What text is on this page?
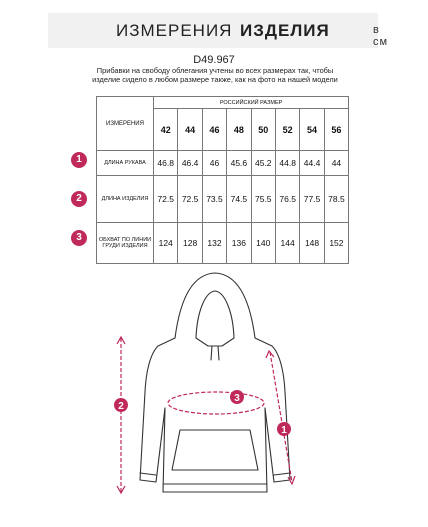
ИЗМЕРЕНИЯ ИЗДЕЛИЯ	в см
D49.967
Прибавки на свободу облегания учтены во всех размерах так, чтобы изделие сидело в любом размере также, как на фото на нашей модели
1
2
3
ИЗМЕРЕНИЯ	РОССИЙСКИЙ РАЗМЕР							
	42	44	46	48	50	52	54	56
ДЛИНА РУКАВА	46.8	46.4	46	45.6	45.2	44.8	44.4	44
ДЛИНА ИЗДЕЛИЯ	72.5	72.5	73.5	74.5	75.5	76.5	77.5	78.5
ОБХВАТ ПО ЛИНИИ ГРУДИ ИЗДЕЛИЯ	124	128	132	136	140	144	148	152
3
2
1
